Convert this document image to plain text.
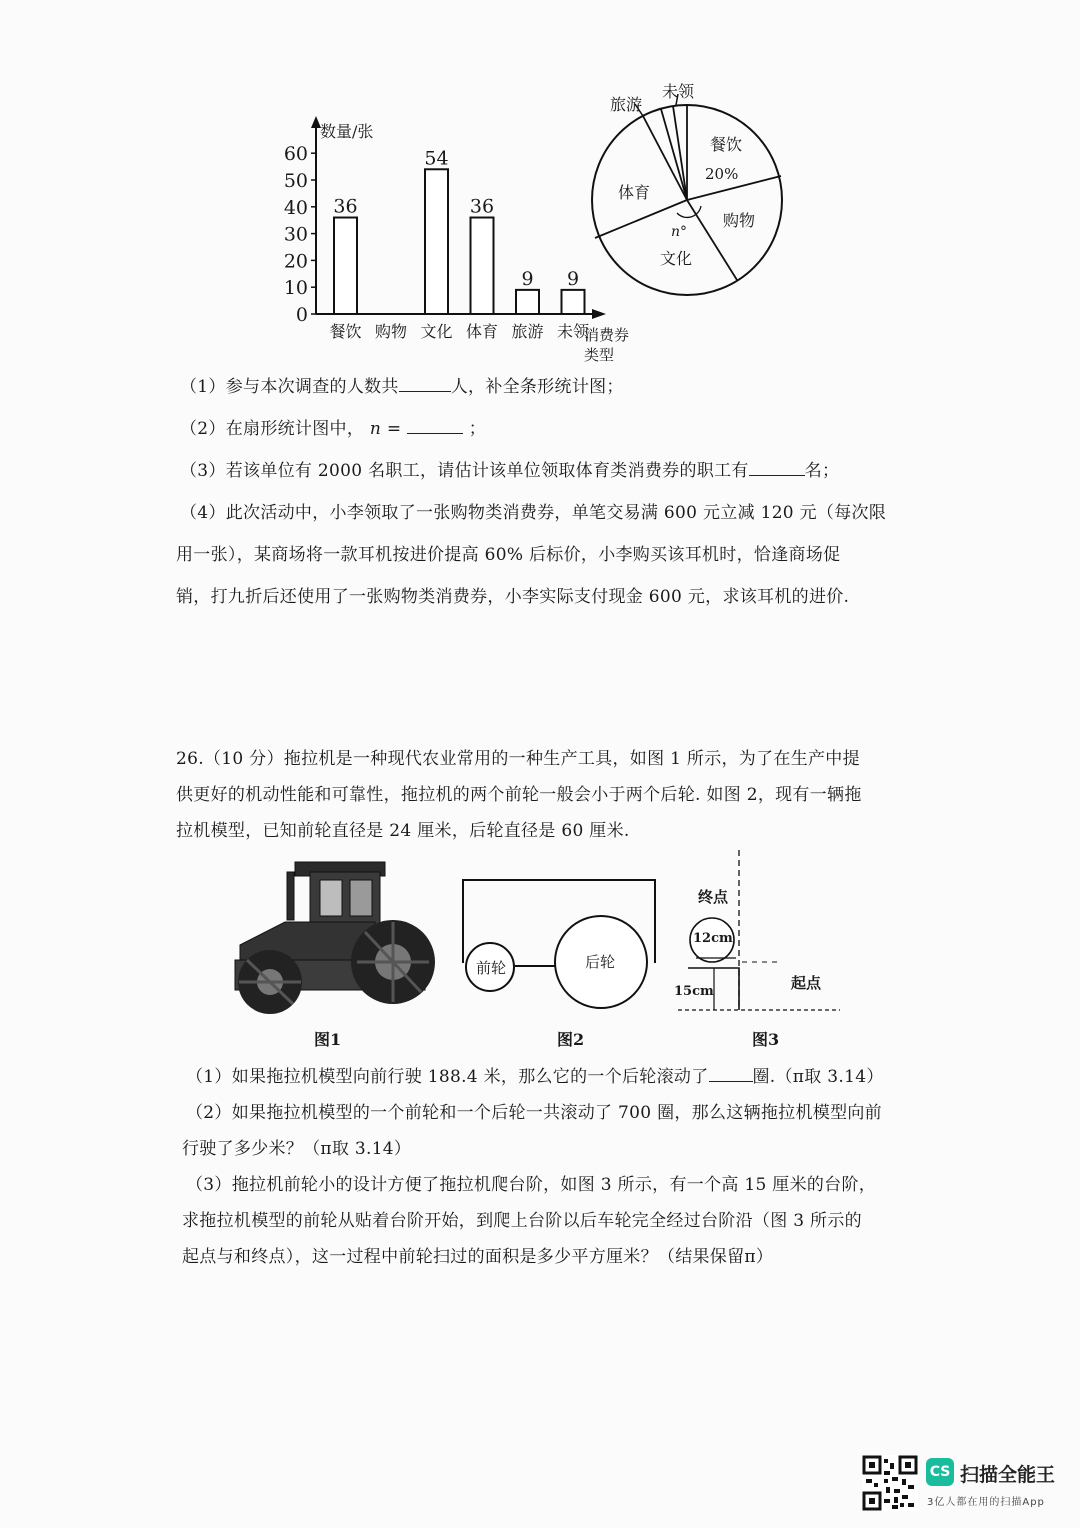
数量/张
消费券
类型
0
10
20
30
40
50
60
36
54
36
9 9
餐饮 购物 文化 体育 旅游 未领
餐饮
20%
购物
文化
n°
体育
旅游
未领
（1）参与本次调查的人数共	人，补全条形统计图；
（2）在扇形统计图中， n =	；
（3）若该单位有 2000 名职工，请估计该单位领取体育类消费券的职工有	名；
（4）此次活动中，小李领取了一张购物类消费券，单笔交易满 600 元立减 120 元（每次限
用一张），某商场将一款耳机按进价提高 60% 后标价，小李购买该耳机时，恰逢商场促
销，打九折后还使用了一张购物类消费券，小李实际支付现金 600 元，求该耳机的进价.
26.（10 分）拖拉机是一种现代农业常用的一种生产工具，如图 1 所示，为了在生产中提
供更好的机动性能和可靠性，拖拉机的两个前轮一般会小于两个后轮. 如图 2，现有一辆拖
拉机模型，已知前轮直径是 24 厘米，后轮直径是 60 厘米.
前轮	后轮
终点
12cm
起点
15cm
图1	图2	图3
（1）如果拖拉机模型向前行驶 188.4 米，那么它的一个后轮滚动了	圈.（π取 3.14）
（2）如果拖拉机模型的一个前轮和一个后轮一共滚动了 700 圈，那么这辆拖拉机模型向前
行驶了多少米？（π取 3.14）
（3）拖拉机前轮小的设计方便了拖拉机爬台阶，如图 3 所示，有一个高 15 厘米的台阶，
求拖拉机模型的前轮从贴着台阶开始，到爬上台阶以后车轮完全经过台阶沿（图 3 所示的
起点与和终点），这一过程中前轮扫过的面积是多少平方厘米？（结果保留π）
CS 扫描全能王
3亿人都在用的扫描App
